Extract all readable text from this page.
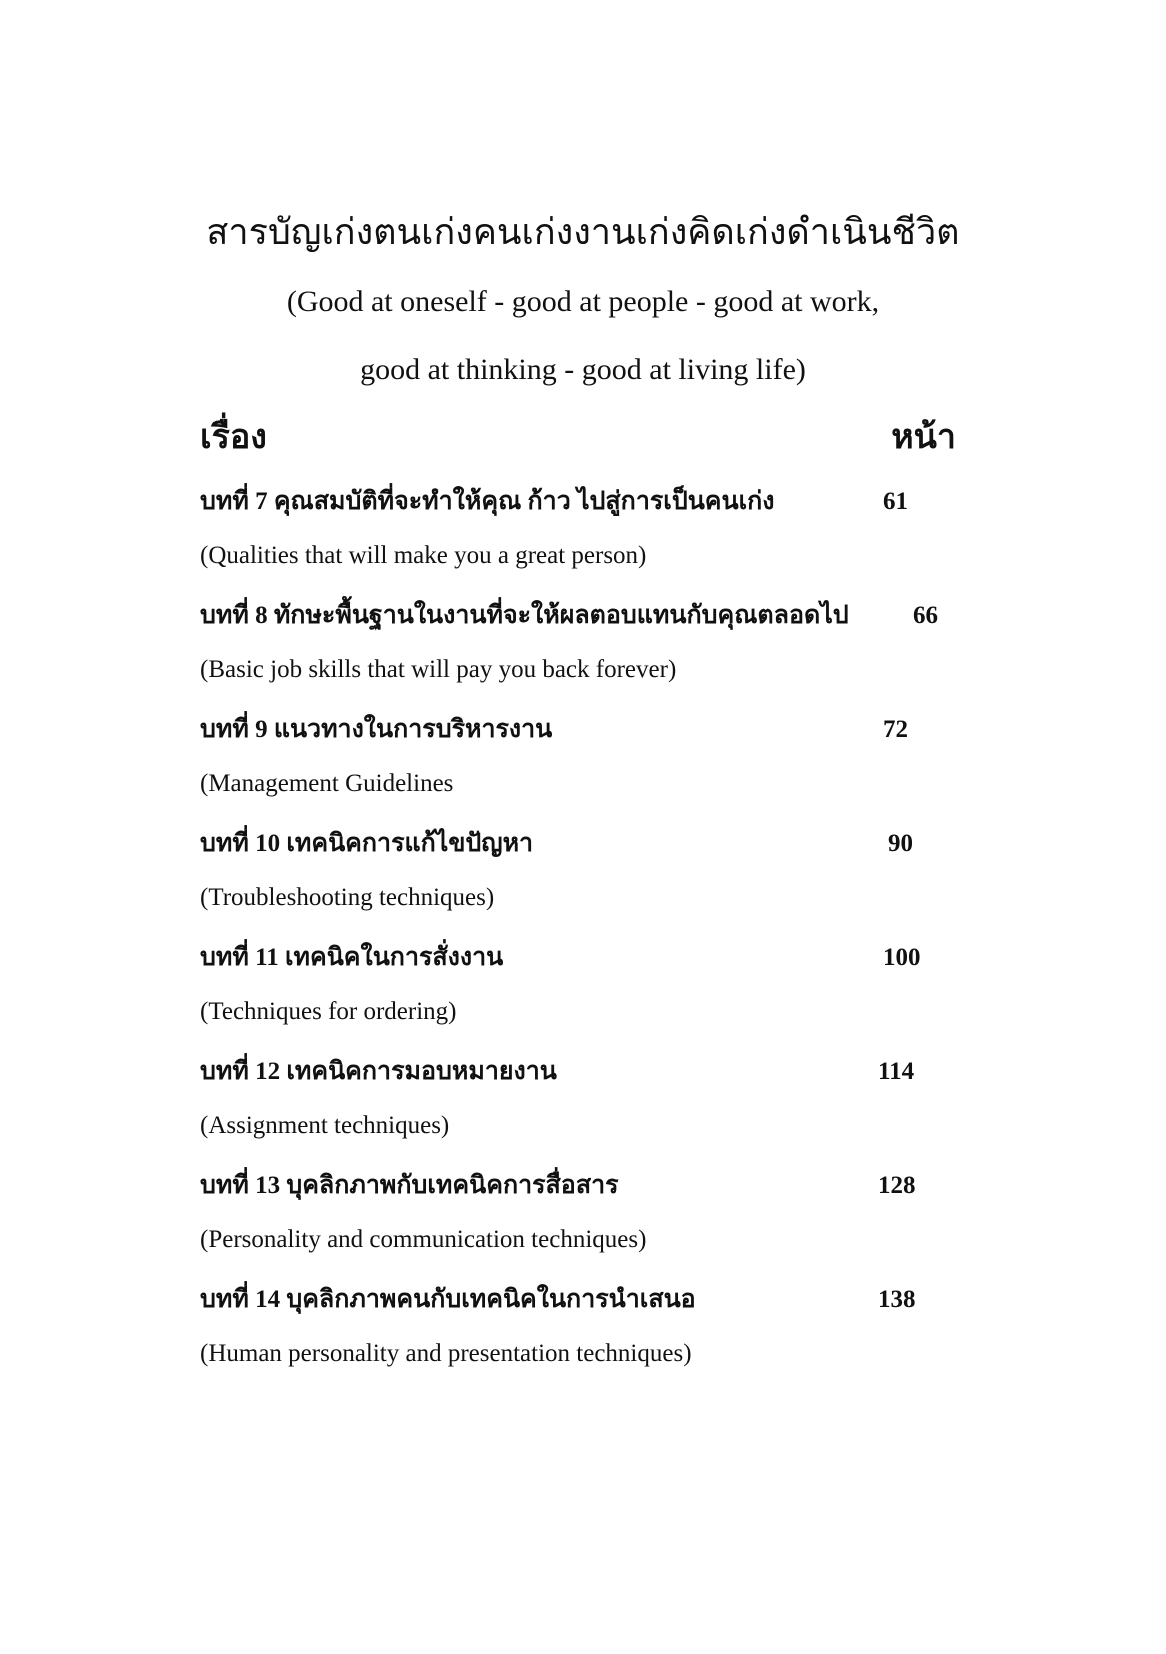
สารบัญเก่งตนเก่งคนเก่งงานเก่งคิดเก่งดำเนินชีวิต
(Good at oneself - good at people - good at work,
good at thinking - good at living life)
เรื่อง	หน้า
บทที่ 7 คุณสมบัติที่จะทำให้คุณ ก้าว ไปสู่การเป็นคนเก่ง	61
(Qualities that will make you a great person)
บทที่ 8 ทักษะพื้นฐานในงานที่จะให้ผลตอบแทนกับคุณตลอดไป	66
(Basic job skills that will pay you back forever)
บทที่ 9 แนวทางในการบริหารงาน	72
(Management Guidelines
บทที่ 10 เทคนิคการแก้ไขปัญหา	90
(Troubleshooting techniques)
บทที่ 11 เทคนิคในการสั่งงาน	100
(Techniques for ordering)
บทที่ 12 เทคนิคการมอบหมายงาน	114
(Assignment techniques)
บทที่ 13 บุคลิกภาพกับเทคนิคการสื่อสาร	128
(Personality and communication techniques)
บทที่ 14 บุคลิกภาพคนกับเทคนิคในการนำเสนอ	138
(Human personality and presentation techniques)
